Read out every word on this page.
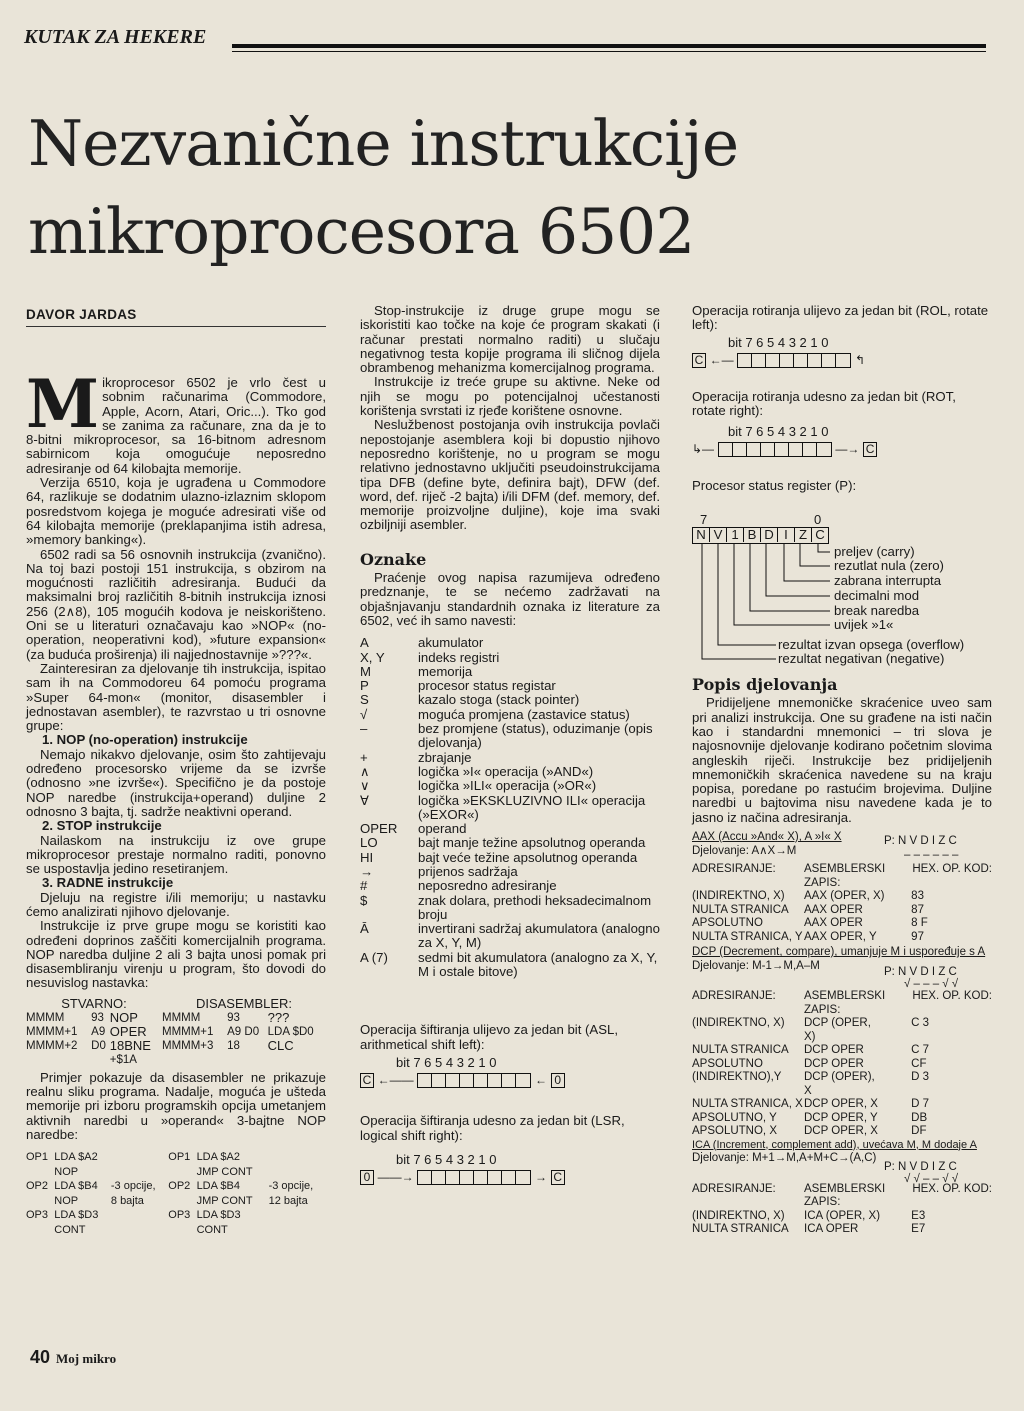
KUTAK ZA HEKERE
Nezvanične instrukcije
mikroprocesora 6502
DAVOR JARDAS

Mikroprocesor 6502 je vrlo čest u sobnim računarima (Commodore, Apple, Acorn, Atari, Oric...). Tko god se zanima za računare, zna da je to 8-bitni mikroprocesor, sa 16-bitnom adresnom sabirnicom koja omogućuje neposredno adresiranje od 64 kilobajta memorije.

Verzija 6510, koja je ugrađena u Commodore 64, razlikuje se dodatnim ulazno-izlaznim sklopom posredstvom kojega je moguće adresirati više od 64 kilobajta memorije (preklapanjima istih adresa, »memory banking«).

6502 radi sa 56 osnovnih instrukcija (zvanično). Na toj bazi postoji 151 instrukcija, s obzirom na mogućnosti različitih adresiranja. Budući da maksimalni broj različitih 8-bitnih instrukcija iznosi 256 (2∧8), 105 mogućih kodova je neiskorišteno. Oni se u literaturi označavaju kao »NOP« (no-operation, neoperativni kod), »future expansion« (za buduća proširenja) ili najjednostavnije »???«.

Zainteresiran za djelovanje tih instrukcija, ispitao sam ih na Commodoreu 64 pomoću programa »Super 64-mon« (monitor, disasembler i jednostavan asembler), te razvrstao u tri osnovne grupe:

1. NOP (no-operation) instrukcije

Nemajo nikakvo djelovanje, osim što zahtijevaju određeno procesorsko vrijeme da se izvrše (odnosno »ne izvrše«). Specifično je da postoje NOP naredbe (instrukcija+operand) duljine 2 odnosno 3 bajta, tj. sadrže neaktivni operand.

2. STOP instrukcije

Nailaskom na instrukciju iz ove grupe mikroprocesor prestaje normalno raditi, ponovno se uspostavlja jedino resetiranjem.

3. RADNE instrukcije

Djeluju na registre i/ili memoriju; u nastavku ćemo analizirati njihovo djelovanje.

Instrukcije iz prve grupe mogu se koristiti kao određeni doprinos zaščiti komercijalnih programa. NOP naredba duljine 2 ali 3 bajta unosi pomak pri disasembliranju virenju u program, što dovodi do nesuvislog nastavka:

STVARNO:			DISASEMBLER:		
MMMM	93	NOP	MMMM	93	???
MMMM+1	A9	OPER	MMMM+1	A9 D0	LDA $D0
MMMM+2	D0	18BNE	MMMM+3	18	CLC
		+$1A			

Primjer pokazuje da disasembler ne prikazuje realnu sliku programa. Nadalje, moguća je ušteda memorije pri izboru programskih opcija umetanjem aktivnih naredbi u »operand« 3-bajtne NOP naredbe:

OP1	LDA $A2		OP1	LDA $A2	
	NOP			JMP CONT	
OP2	LDA $B4	-3 opcije,	OP2	LDA $B4	-3 opcije,
	NOP	8 bajta		JMP CONT	12 bajta
OP3	LDA $D3		OP3	LDA $D3	
	CONT			CONT	

Stop-instrukcije iz druge grupe mogu se iskoristiti kao točke na koje će program skakati (i računar prestati normalno raditi) u slučaju negativnog testa kopije programa ili sličnog dijela obrambenog mehanizma komercijalnog programa.

Instrukcije iz treće grupe su aktivne. Neke od njih se mogu po potencijalnoj učestanosti korištenja svrstati iz rjeđe korištene osnovne.

Neslužbenost postojanja ovih instrukcija povlači nepostojanje asemblera koji bi dopustio njihovo neposredno korištenje, no u program se mogu relativno jednostavno uključiti pseudoinstrukcijama tipa DFB (define byte, definira bajt), DFW (def. word, def. riječ -2 bajta) i/ili DFM (def. memory, def. memorije proizvoljne duljine), koje ima svaki ozbiljniji asembler.

Oznake

Praćenje ovog napisa razumijeva određeno predznanje, te se nećemo zadržavati na objašnjavanju standardnih oznaka iz literature za 6502, već ih samo navesti:

A	akumulator
X, Y	indeks registri
M	memorija
P	procesor status registar
S	kazalo stoga (stack pointer)
√	moguća promjena (zastavice status)
–	bez promjene (status), oduzimanje (opis djelovanja)
+	zbrajanje
∧	logička »I« operacija (»AND«)
∨	logička »ILI« operacija (»OR«)
∀	logička »EKSKLUZIVNO ILI« operacija (»EXOR«)
OPER	operand
LO	bajt manje težine apsolutnog operanda
HI	bajt veće težine apsolutnog operanda
→	prijenos sadržaja
#	neposredno adresiranje
$	znak dolara, prethodi heksadecimalnom broju
Ā	invertirani sadržaj akumulatora (analogno za X, Y, M)
A (7)	sedmi bit akumulatora (analogno za X, Y, M i ostale bitove)

Operacija šiftiranja ulijevo za jedan bit (ASL, arithmetical shift left):

bit 7 6 5 4 3 2 1 0
C ←——	← 0

Operacija šiftiranja udesno za jedan bit (LSR, logical shift right):

bit 7 6 5 4 3 2 1 0
0 ——→	→ C

Operacija rotiranja ulijevo za jedan bit (ROL, rotate left):

bit 7 6 5 4 3 2 1 0
C ←—	↰

Operacija rotiranja udesno za jedan bit (ROT, rotate right):

bit 7 6 5 4 3 2 1 0
↳—	—→ C

Procesor status register (P):

7	0
N V 1 B D I Z C
preljev (carry)
rezutlat nula (zero)
zabrana interrupta
decimalni mod
break naredba
uvijek »1«
rezultat izvan opsega (overflow)
rezultat negativan (negative)
Popis djelovanja

Pridijeljene mnemoničke skraćenice uveo sam pri analizi instrukcija. One su građene na isti način kao i standardni mnemonici – tri slova je najosnovnije djelovanje kodirano početnim slovima angleskih riječi. Instrukcije bez pridijeljenih mnemoničkih skraćenica navedene su na kraju popisa, poredane po rastućim brojevima. Duljine naredbi u bajtovima nisu navedene kada je to jasno iz načina adresiranja.

AAX (Accu »And« X), A »I« X
Djelovanje: A∧X→M
P: N V D I Z C
– – – – – –
ADRESIRANJE:	ASEMBLERSKI ZAPIS:	HEX. OP. KOD:
(INDIREKTNO, X)	AAX (OPER, X)	83
NULTA STRANICA	AAX OPER	87
APSOLUTNO	AAX OPER	8 F
NULTA STRANICA, Y	AAX OPER, Y	97
DCP (Decrement, compare), umanjuje M i uspoređuje s A
Djelovanje: M-1→M,A–M
P: N V D I Z C
√ – – – √ √
ADRESIRANJE:	ASEMBLERSKI ZAPIS:	HEX. OP. KOD:
(INDIREKTNO, X)	DCP (OPER, X)	C 3
NULTA STRANICA	DCP OPER	C 7
APSOLUTNO	DCP OPER	CF
(INDIREKTNO),Y	DCP (OPER), X	D 3
NULTA STRANICA, X	DCP OPER, X	D 7
APSOLUTNO, Y	DCP OPER, Y	DB
APSOLUTNO, X	DCP OPER, X	DF
ICA (Increment, complement add), uvećava M, M dodaje A
Djelovanje: M+1→M,A+M+C→(A,C)
P: N V D I Z C
√ √ – – √ √
ADRESIRANJE:	ASEMBLERSKI ZAPIS:	HEX. OP. KOD:
(INDIREKTNO, X)	ICA (OPER, X)	E3
NULTA STRANICA	ICA OPER	E7
40 Moj mikro
